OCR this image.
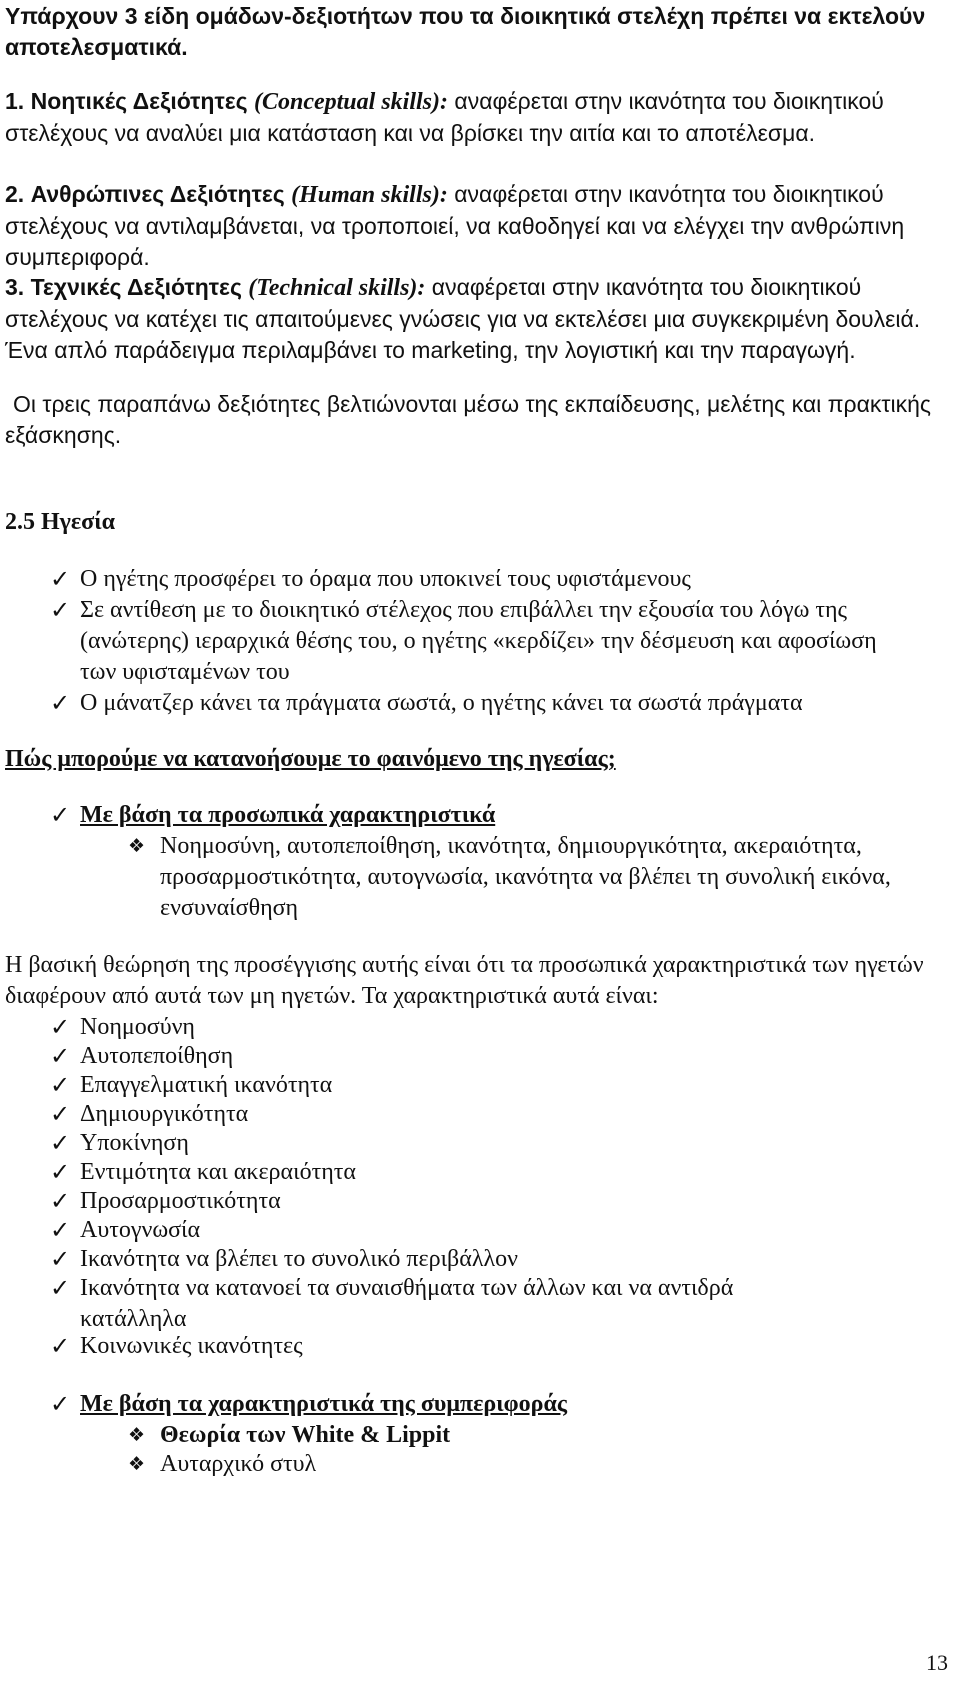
Υπάρχουν 3 είδη ομάδων-δεξιοτήτων που τα διοικητικά στελέχη πρέπει να εκτελούν αποτελεσματικά.

1. Νοητικές Δεξιότητες (Conceptual skills): αναφέρεται στην ικανότητα του διοικητικού στελέχους να αναλύει μια κατάσταση και να βρίσκει την αιτία και το αποτέλεσμα.

2. Ανθρώπινες Δεξιότητες (Human skills): αναφέρεται στην ικανότητα του διοικητικού στελέχους να αντιλαμβάνεται, να τροποποιεί, να καθοδηγεί και να ελέγχει την ανθρώπινη συμπεριφορά.

3. Τεχνικές Δεξιότητες (Technical skills): αναφέρεται στην ικανότητα του διοικητικού στελέχους να κατέχει τις απαιτούμενες γνώσεις για να εκτελέσει μια συγκεκριμένη δουλειά. Ένα απλό παράδειγμα περιλαμβάνει το marketing, την λογιστική και την παραγωγή.

Οι τρεις παραπάνω δεξιότητες βελτιώνονται μέσω της εκπαίδευσης, μελέτης και πρακτικής εξάσκησης.

2.5 Ηγεσία

✓ Ο ηγέτης προσφέρει το όραμα που υποκινεί τους υφιστάμενους

✓ Σε αντίθεση με το διοικητικό στέλεχος που επιβάλλει την εξουσία του λόγω της (ανώτερης) ιεραρχικά θέσης του, ο ηγέτης «κερδίζει» την δέσμευση και αφοσίωση των υφισταμένων του

✓ Ο μάνατζερ κάνει τα πράγματα σωστά, ο ηγέτης κάνει τα σωστά πράγματα

Πώς μπορούμε να κατανοήσουμε το φαινόμενο της ηγεσίας;

✓ Με βάση τα προσωπικά χαρακτηριστικά

❖ Νοημοσύνη, αυτοπεποίθηση, ικανότητα, δημιουργικότητα, ακεραιότητα, προσαρμοστικότητα, αυτογνωσία, ικανότητα να βλέπει τη συνολική εικόνα, ενσυναίσθηση

Η βασική θεώρηση της προσέγγισης αυτής είναι ότι τα προσωπικά χαρακτηριστικά των ηγετών διαφέρουν από αυτά των μη ηγετών. Τα χαρακτηριστικά αυτά είναι:

✓ Νοημοσύνη

✓ Αυτοπεποίθηση

✓ Επαγγελματική ικανότητα

✓ Δημιουργικότητα

✓ Υποκίνηση

✓ Εντιμότητα και ακεραιότητα

✓ Προσαρμοστικότητα

✓ Αυτογνωσία

✓ Ικανότητα να βλέπει το συνολικό περιβάλλον

✓ Ικανότητα να κατανοεί τα συναισθήματα των άλλων και να αντιδρά κατάλληλα

✓ Κοινωνικές ικανότητες

✓ Με βάση τα χαρακτηριστικά της συμπεριφοράς

❖ Θεωρία των White & Lippit

❖ Αυταρχικό στυλ

13
